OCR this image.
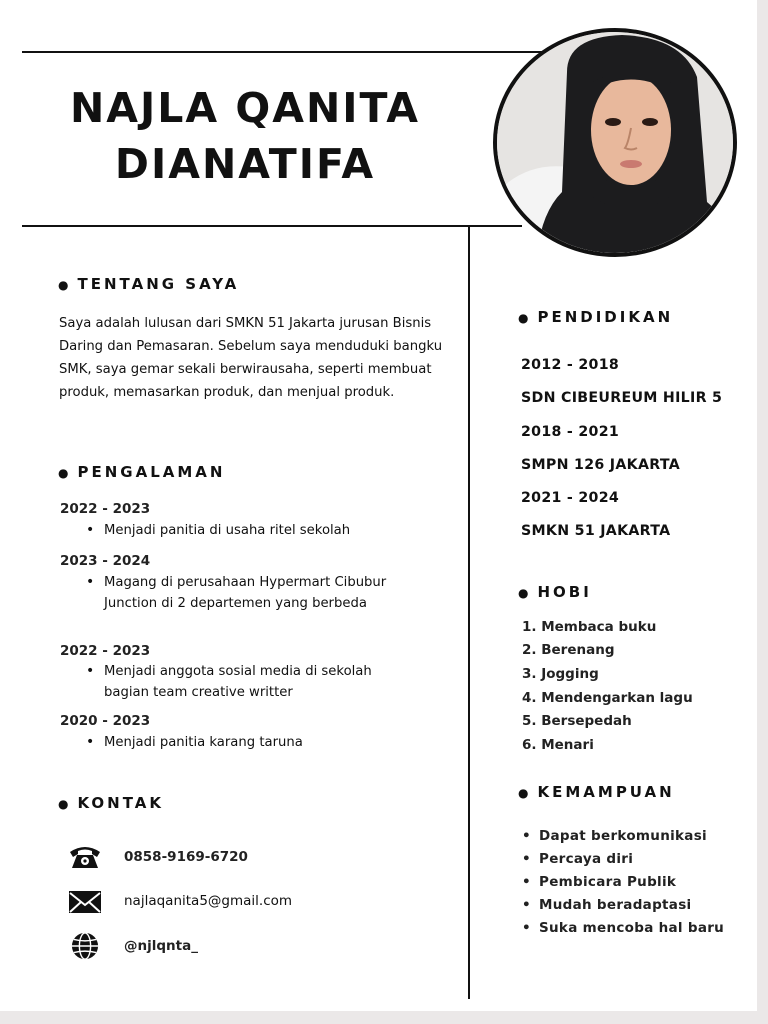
NAJLA QANITA
DIANATIFA
● TENTANG SAYA
Saya adalah lulusan dari SMKN 51 Jakarta jurusan Bisnis Daring dan Pemasaran. Sebelum saya menduduki bangku SMK, saya gemar sekali berwirausaha, seperti membuat produk, memasarkan produk, dan menjual produk.
● PENGALAMAN
2022 - 2023
• Menjadi panitia di usaha ritel sekolah
2023 - 2024
• Magang di perusahaan Hypermart Cibubur Junction di 2 departemen yang berbeda
2022 - 2023
• Menjadi anggota sosial media di sekolah bagian team creative writter
2020 - 2023
• Menjadi panitia karang taruna
● KONTAK
0858-9169-6720
najlaqanita5@gmail.com
@njlqnta_
● PENDIDIKAN
2012 - 2018
SDN CIBEUREUM HILIR 5
2018 - 2021
SMPN 126 JAKARTA
2021 - 2024
SMKN 51 JAKARTA
● HOBI
1. Membaca buku
2. Berenang
3. Jogging
4. Mendengarkan lagu
5. Bersepedah
6. Menari
● KEMAMPUAN
• Dapat berkomunikasi
• Percaya diri
• Pembicara Publik
• Mudah beradaptasi
• Suka mencoba hal baru
